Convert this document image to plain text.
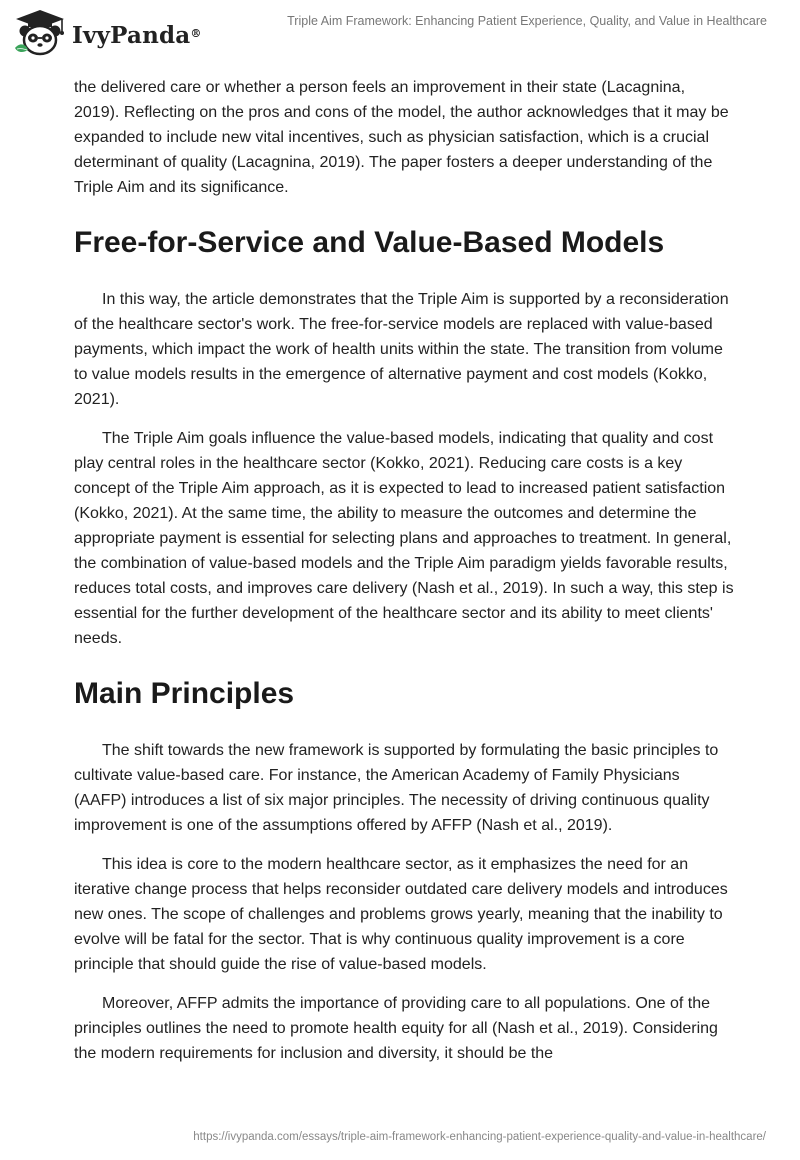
IvyPanda®
Triple Aim Framework: Enhancing Patient Experience, Quality, and Value in Healthcare

the delivered care or whether a person feels an improvement in their state (Lacagnina, 2019). Reflecting on the pros and cons of the model, the author acknowledges that it may be expanded to include new vital incentives, such as physician satisfaction, which is a crucial determinant of quality (Lacagnina, 2019). The paper fosters a deeper understanding of the Triple Aim and its significance.

Free-for-Service and Value-Based Models

In this way, the article demonstrates that the Triple Aim is supported by a reconsideration of the healthcare sector's work. The free-for-service models are replaced with value-based payments, which impact the work of health units within the state. The transition from volume to value models results in the emergence of alternative payment and cost models (Kokko, 2021).

The Triple Aim goals influence the value-based models, indicating that quality and cost play central roles in the healthcare sector (Kokko, 2021). Reducing care costs is a key concept of the Triple Aim approach, as it is expected to lead to increased patient satisfaction (Kokko, 2021). At the same time, the ability to measure the outcomes and determine the appropriate payment is essential for selecting plans and approaches to treatment. In general, the combination of value-based models and the Triple Aim paradigm yields favorable results, reduces total costs, and improves care delivery (Nash et al., 2019). In such a way, this step is essential for the further development of the healthcare sector and its ability to meet clients' needs.

Main Principles

The shift towards the new framework is supported by formulating the basic principles to cultivate value-based care. For instance, the American Academy of Family Physicians (AAFP) introduces a list of six major principles. The necessity of driving continuous quality improvement is one of the assumptions offered by AFFP (Nash et al., 2019).

This idea is core to the modern healthcare sector, as it emphasizes the need for an iterative change process that helps reconsider outdated care delivery models and introduces new ones. The scope of challenges and problems grows yearly, meaning that the inability to evolve will be fatal for the sector. That is why continuous quality improvement is a core principle that should guide the rise of value-based models.

Moreover, AFFP admits the importance of providing care to all populations. One of the principles outlines the need to promote health equity for all (Nash et al., 2019). Considering the modern requirements for inclusion and diversity, it should be the

https://ivypanda.com/essays/triple-aim-framework-enhancing-patient-experience-quality-and-value-in-healthcare/
